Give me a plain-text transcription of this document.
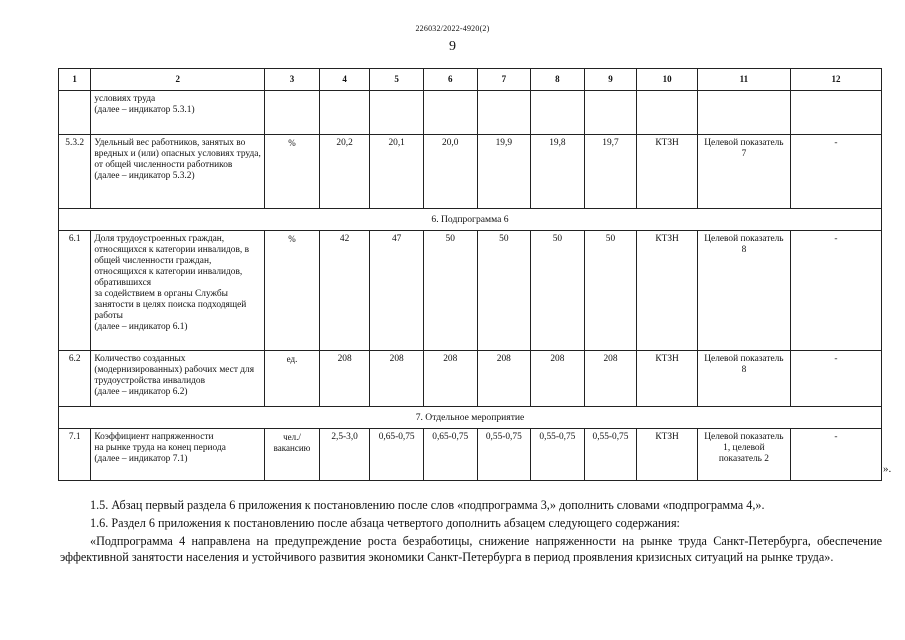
226032/2022-4920(2)
9
1	2	3	4	5	6	7	8	9	10	11	12
	условиях труда
(далее – индикатор 5.3.1)										
5.3.2	Удельный вес работников, занятых во вредных и (или) опасных условиях труда, от общей численности работников
(далее – индикатор 5.3.2)	%	20,2	20,1	20,0	19,9	19,8	19,7	КТЗН	Целевой показатель 7	-
6. Подпрограмма 6											
6.1	Доля трудоустроенных граждан, относящихся к категории инвалидов, в общей численности граждан, относящихся к категории инвалидов, обратившихся
за содействием в органы Службы занятости в целях поиска подходящей работы
(далее – индикатор 6.1)	%	42	47	50	50	50	50	КТЗН	Целевой показатель 8	-
6.2	Количество созданных (модернизированных) рабочих мест для трудоустройства инвалидов
(далее – индикатор 6.2)	ед.	208	208	208	208	208	208	КТЗН	Целевой показатель 8	-
7. Отдельное мероприятие											
7.1	Коэффициент напряженности
на рынке труда на конец периода
(далее – индикатор 7.1)	чел./ вакансию	2,5-3,0	0,65-0,75	0,65-0,75	0,55-0,75	0,55-0,75	0,55-0,75	КТЗН	Целевой показатель 1, целевой показатель 2	-
».
1.5. Абзац первый раздела 6 приложения к постановлению после слов «подпрограмма 3,» дополнить словами «подпрограмма 4,».
1.6. Раздел 6 приложения к постановлению после абзаца четвертого дополнить абзацем следующего содержания:
«Подпрограмма 4 направлена на предупреждение роста безработицы, снижение напряженности на рынке труда Санкт-Петербурга, обеспечение эффективной занятости населения и устойчивого развития экономики Санкт-Петербурга в период проявления кризисных ситуаций на рынке труда».
